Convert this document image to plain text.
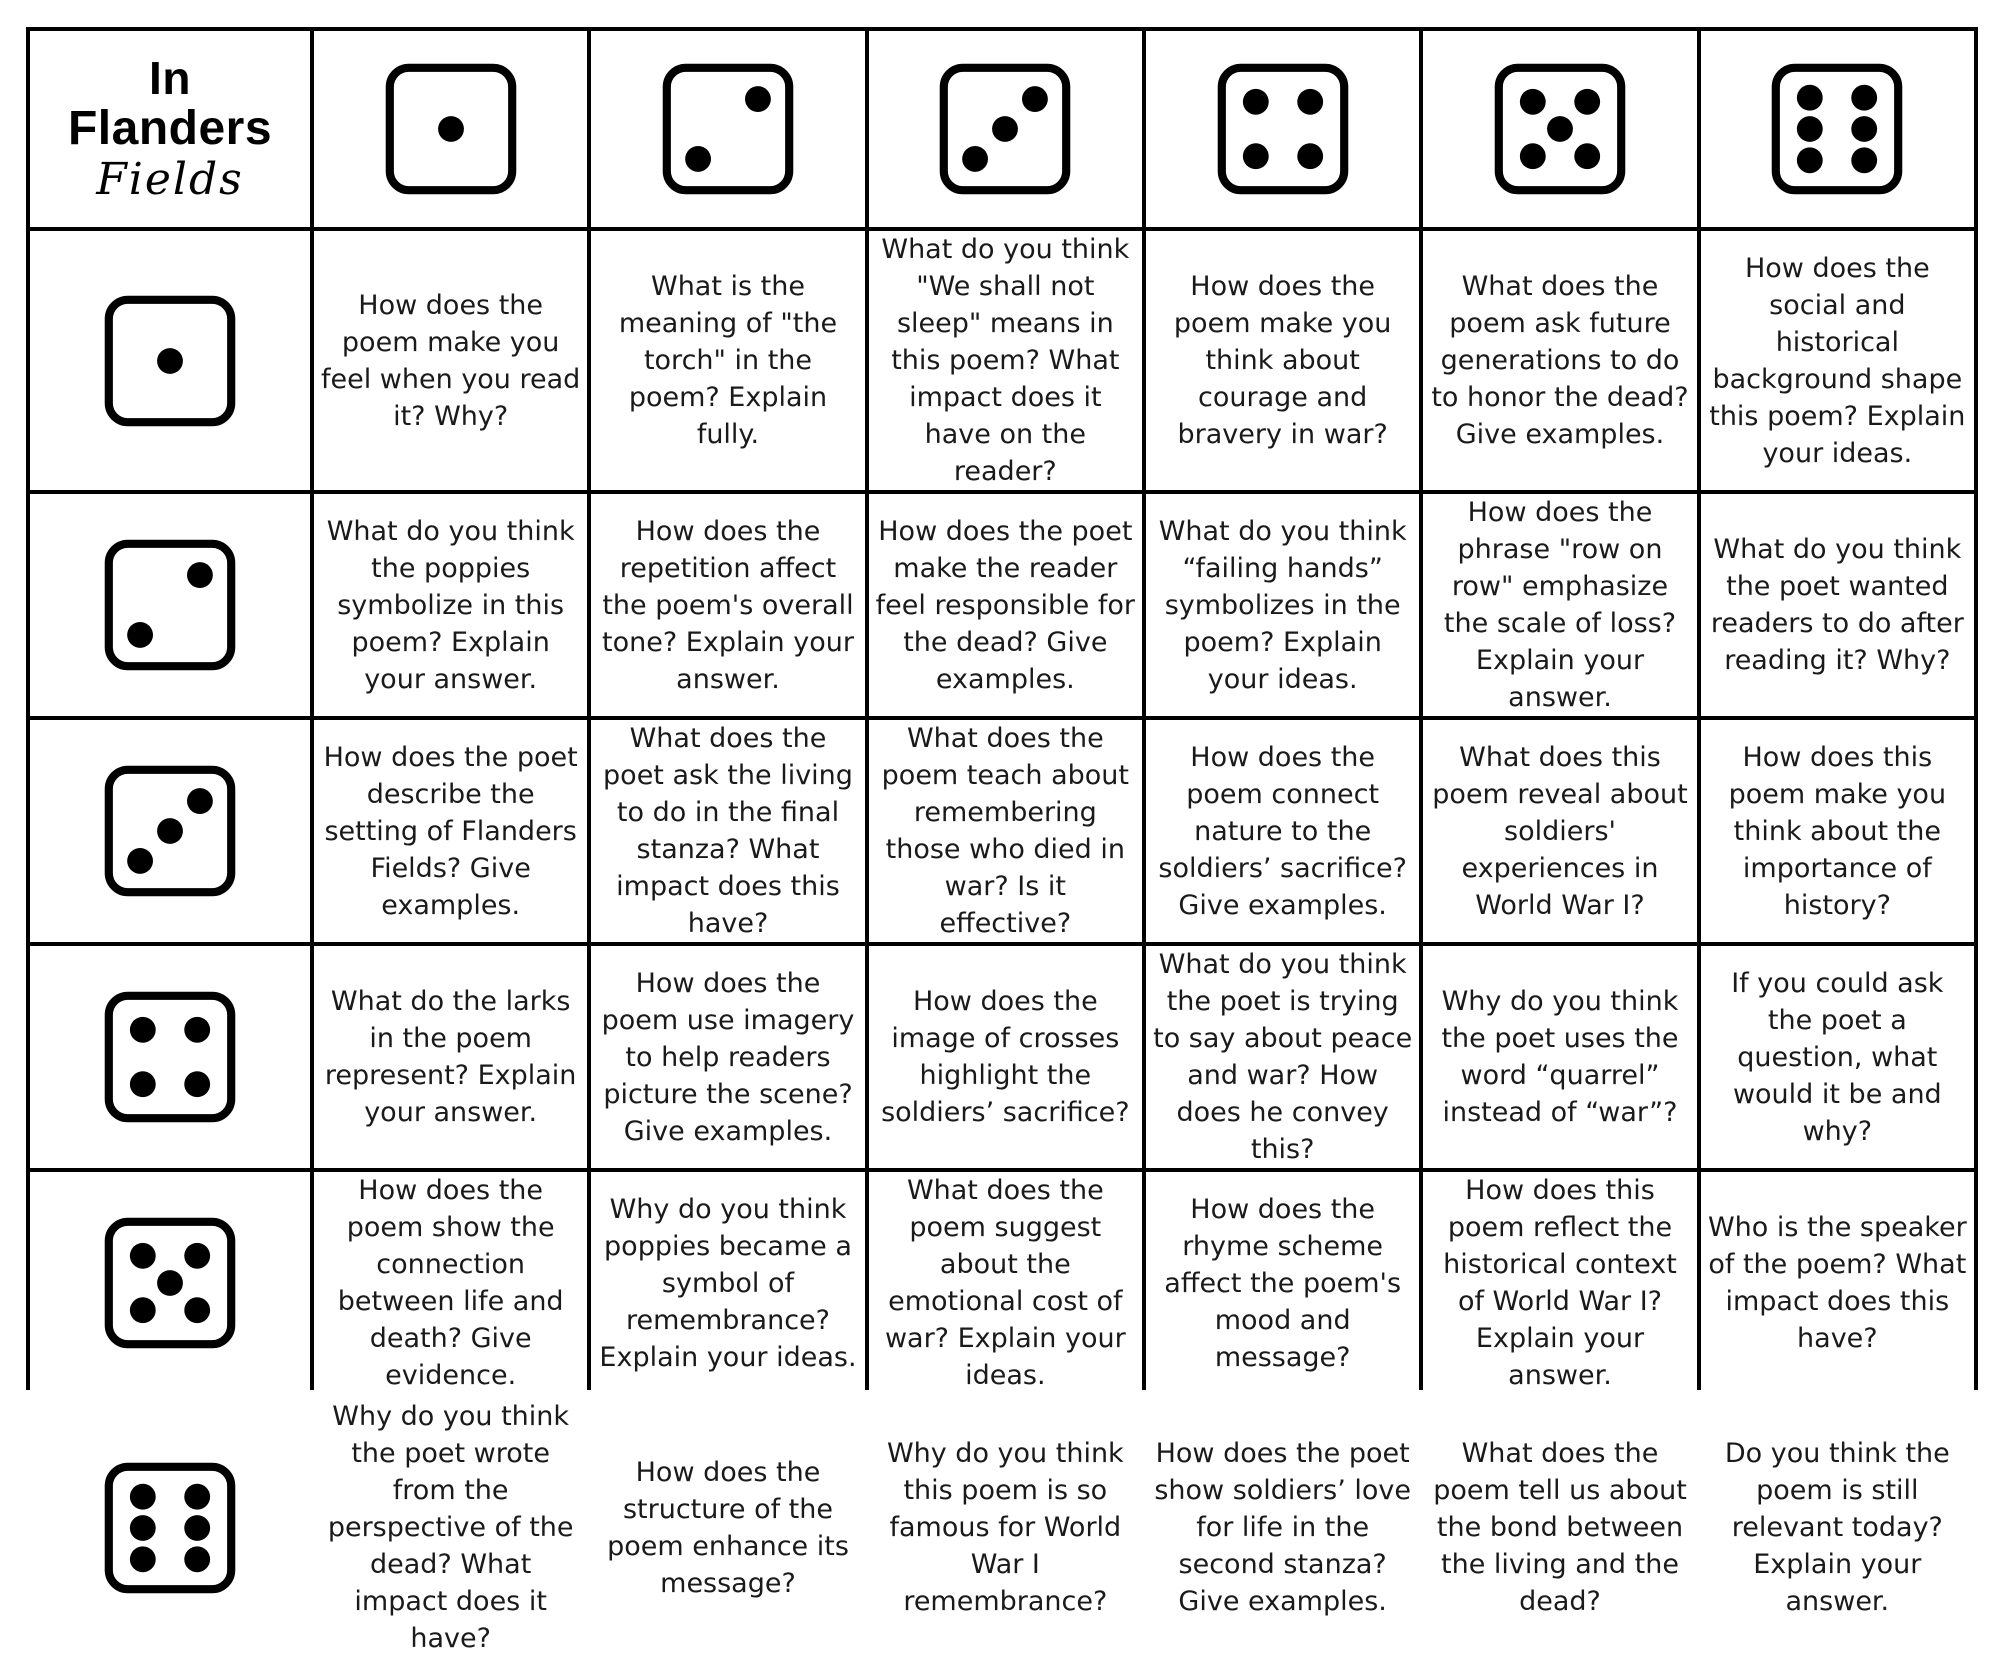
In
Flanders
Fields
How does the poem make you feel when you read it? Why?
What is the meaning of "the torch" in the poem? Explain fully.
What do you think "We shall not sleep" means in this poem? What impact does it have on the reader?
How does the poem make you think about courage and bravery in war?
What does the poem ask future generations to do to honor the dead? Give examples.
How does the social and historical background shape this poem? Explain your ideas.
What do you think the poppies symbolize in this poem? Explain your answer.
How does the repetition affect the poem's overall tone? Explain your answer.
How does the poet make the reader feel responsible for the dead? Give examples.
What do you think “failing hands” symbolizes in the poem? Explain your ideas.
How does the phrase "row on row" emphasize the scale of loss? Explain your answer.
What do you think the poet wanted readers to do after reading it? Why?
How does the poet describe the setting of Flanders Fields? Give examples.
What does the poet ask the living to do in the final stanza? What impact does this have?
What does the poem teach about remembering those who died in war? Is it effective?
How does the poem connect nature to the soldiers’ sacrifice? Give examples.
What does this poem reveal about soldiers' experiences in World War I?
How does this poem make you think about the importance of history?
What do the larks in the poem represent? Explain your answer.
How does the poem use imagery to help readers picture the scene? Give examples.
How does the image of crosses highlight the soldiers’ sacrifice?
What do you think the poet is trying to say about peace and war? How does he convey this?
Why do you think the poet uses the word “quarrel” instead of “war”?
If you could ask the poet a question, what would it be and why?
How does the poem show the connection between life and death? Give evidence.
Why do you think poppies became a symbol of remembrance? Explain your ideas.
What does the poem suggest about the emotional cost of war? Explain your ideas.
How does the rhyme scheme affect the poem's mood and message?
How does this poem reflect the historical context of World War I? Explain your answer.
Who is the speaker of the poem? What impact does this have?
Why do you think the poet wrote from the perspective of the dead? What impact does it have?
How does the structure of the poem enhance its message?
Why do you think this poem is so famous for World War I remembrance?
How does the poet show soldiers’ love for life in the second stanza? Give examples.
What does the poem tell us about the bond between the living and the dead?
Do you think the poem is still relevant today? Explain your answer.
